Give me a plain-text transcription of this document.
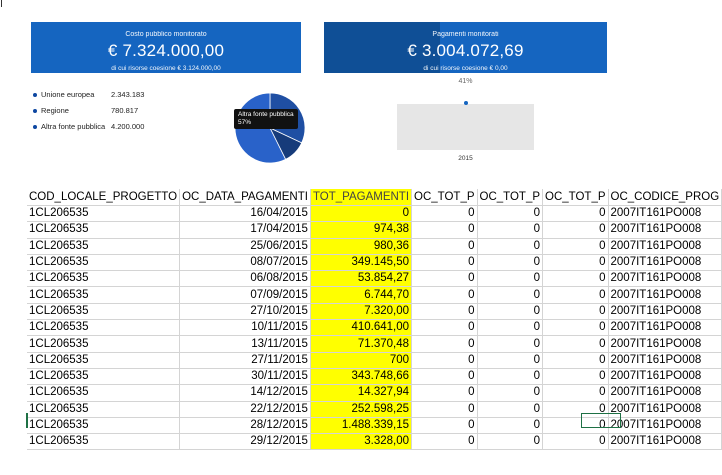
Costo pubblico monitorato
€ 7.324.000,00
di cui risorse coesione € 3.124.000,00
Pagamenti monitorati
€ 3.004.072,69
di cui risorse coesione € 0,00
41%
Unione europea 2.343.183
Regione	780.817
Altra fonte pubblica 4.200.000
Altra fonte pubblica
57%
2015
COD_LOCALE_PROGETTO	OC_DATA_PAGAMENTI	TOT_PAGAMENTI	OC_TOT_P	OC_TOT_P	OC_TOT_P	OC_CODICE_PROG
1CL206535	16/04/2015	0	0	0	0	2007IT161PO008
1CL206535	17/04/2015	974,38	0	0	0	2007IT161PO008
1CL206535	25/06/2015	980,36	0	0	0	2007IT161PO008
1CL206535	08/07/2015	349.145,50	0	0	0	2007IT161PO008
1CL206535	06/08/2015	53.854,27	0	0	0	2007IT161PO008
1CL206535	07/09/2015	6.744,70	0	0	0	2007IT161PO008
1CL206535	27/10/2015	7.320,00	0	0	0	2007IT161PO008
1CL206535	10/11/2015	410.641,00	0	0	0	2007IT161PO008
1CL206535	13/11/2015	71.370,48	0	0	0	2007IT161PO008
1CL206535	27/11/2015	700	0	0	0	2007IT161PO008
1CL206535	30/11/2015	343.748,66	0	0	0	2007IT161PO008
1CL206535	14/12/2015	14.327,94	0	0	0	2007IT161PO008
1CL206535	22/12/2015	252.598,25	0	0	0	2007IT161PO008
1CL206535	28/12/2015	1.488.339,15	0	0	0	2007IT161PO008
1CL206535	29/12/2015	3.328,00	0	0	0	2007IT161PO008
